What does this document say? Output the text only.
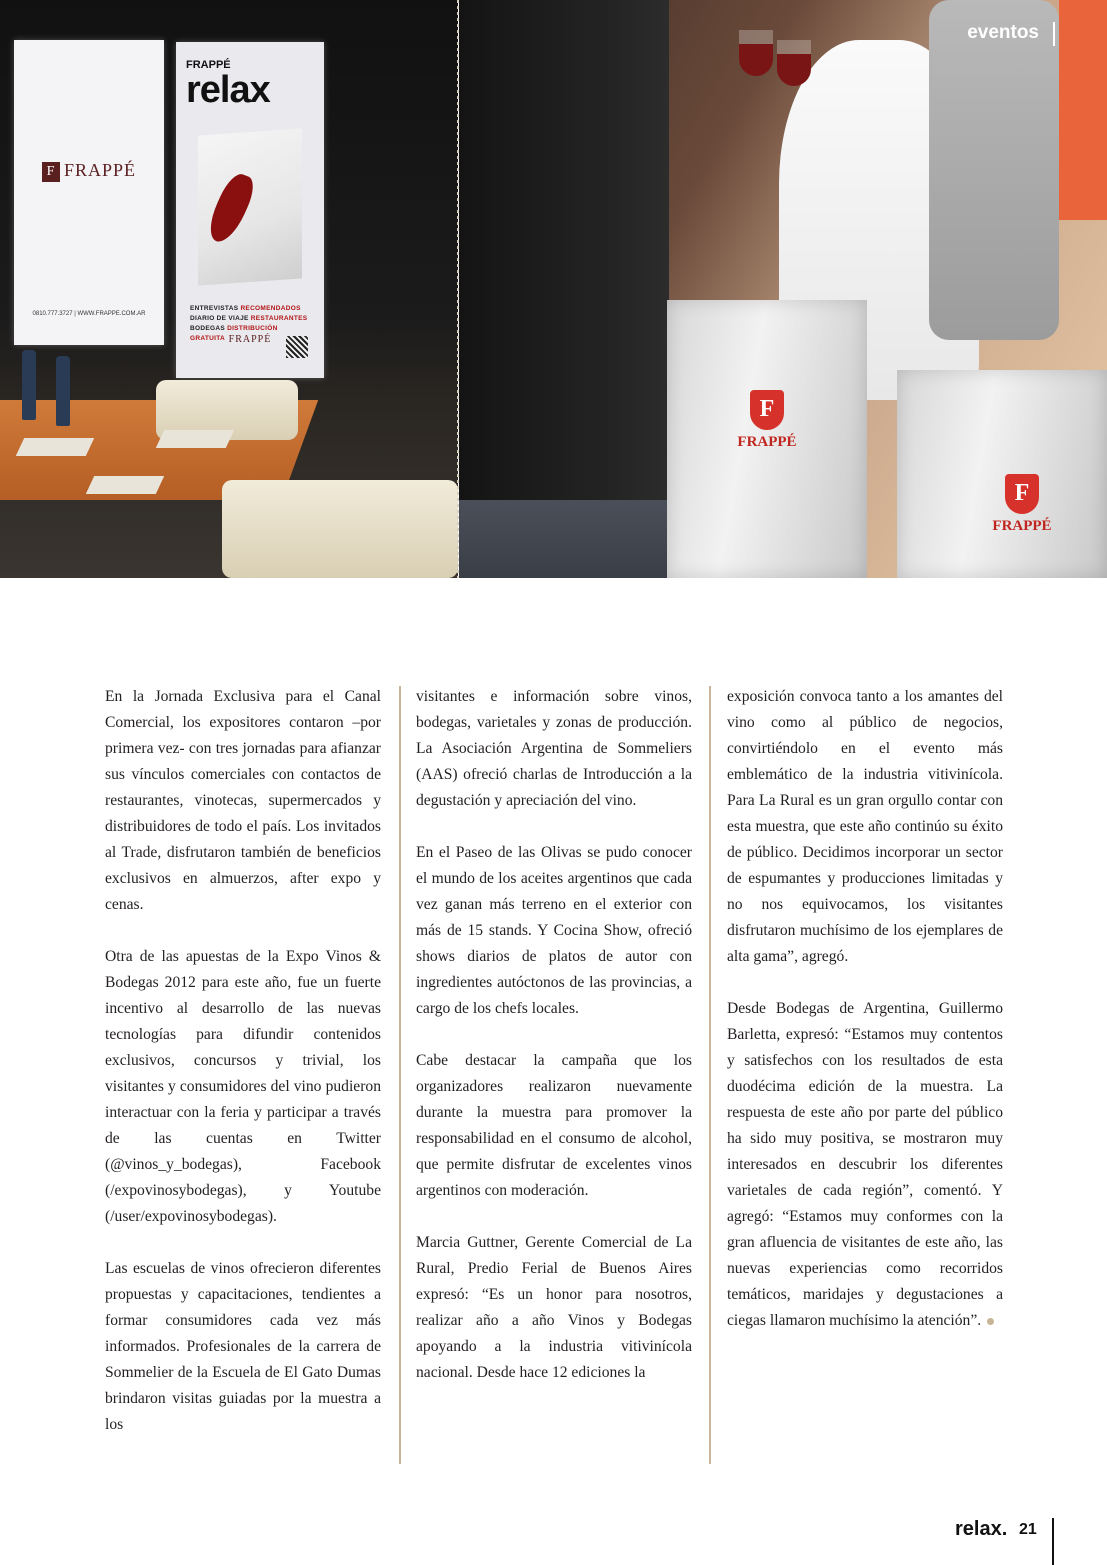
F FRAPPÉ
0810.777.3727 | WWW.FRAPPE.COM.AR
FRAPPÉ
relax
ENTREVISTAS RECOMENDADOS
DIARIO DE VIAJE RESTAURANTES
BODEGAS DISTRIBUCIÓN GRATUITA FRAPPÉ
F
FRAPPÉ
F
FRAPPÉ
eventos

En la Jornada Exclusiva para el Canal Comercial, los expositores contaron –por primera vez- con tres jornadas para afianzar sus vínculos comerciales con contactos de restaurantes, vinotecas, supermercados y distribuidores de todo el país. Los invitados al Trade, disfrutaron también de beneficios exclusivos en almuerzos, after expo y cenas.

Otra de las apuestas de la Expo Vinos & Bodegas 2012 para este año, fue un fuerte incentivo al desarrollo de las nuevas tecnologías para difundir contenidos exclusivos, concursos y trivial, los visitantes y consumidores del vino pudieron interactuar con la feria y participar a través de las cuentas en Twitter (@vinos_y_bodegas), Facebook (/expovinosybodegas), y Youtube (/user/expovinosybodegas).

Las escuelas de vinos ofrecieron diferentes propuestas y capacitaciones, tendientes a formar consumidores cada vez más informados. Profesionales de la carrera de Sommelier de la Escuela de El Gato Dumas brindaron visitas guiadas por la muestra a los

visitantes e información sobre vinos, bodegas, varietales y zonas de producción. La Asociación Argentina de Sommeliers (AAS) ofreció charlas de Introducción a la degustación y apreciación del vino.

En el Paseo de las Olivas se pudo conocer el mundo de los aceites argentinos que cada vez ganan más terreno en el exterior con más de 15 stands. Y Cocina Show, ofreció shows diarios de platos de autor con ingredientes autóctonos de las provincias, a cargo de los chefs locales.

Cabe destacar la campaña que los organizadores realizaron nuevamente durante la muestra para promover la responsabilidad en el consumo de alcohol, que permite disfrutar de excelentes vinos argentinos con moderación.

Marcia Guttner, Gerente Comercial de La Rural, Predio Ferial de Buenos Aires expresó: “Es un honor para nosotros, realizar año a año Vinos y Bodegas apoyando a la industria vitivinícola nacional. Desde hace 12 ediciones la

exposición convoca tanto a los amantes del vino como al público de negocios, convirtiéndolo en el evento más emblemático de la industria vitivinícola. Para La Rural es un gran orgullo contar con esta muestra, que este año continúo su éxito de público. Decidimos incorporar un sector de espumantes y producciones limitadas y no nos equivocamos, los visitantes disfrutaron muchísimo de los ejemplares de alta gama”, agregó.

Desde Bodegas de Argentina, Guillermo Barletta, expresó: “Estamos muy contentos y satisfechos con los resultados de esta duodécima edición de la muestra. La respuesta de este año por parte del público ha sido muy positiva, se mostraron muy interesados en descubrir los diferentes varietales de cada región”, comentó. Y agregó: “Estamos muy conformes con la gran afluencia de visitantes de este año, las nuevas experiencias como recorridos temáticos, maridajes y degustaciones a ciegas llamaron muchísimo la atención”.

relax. 21
